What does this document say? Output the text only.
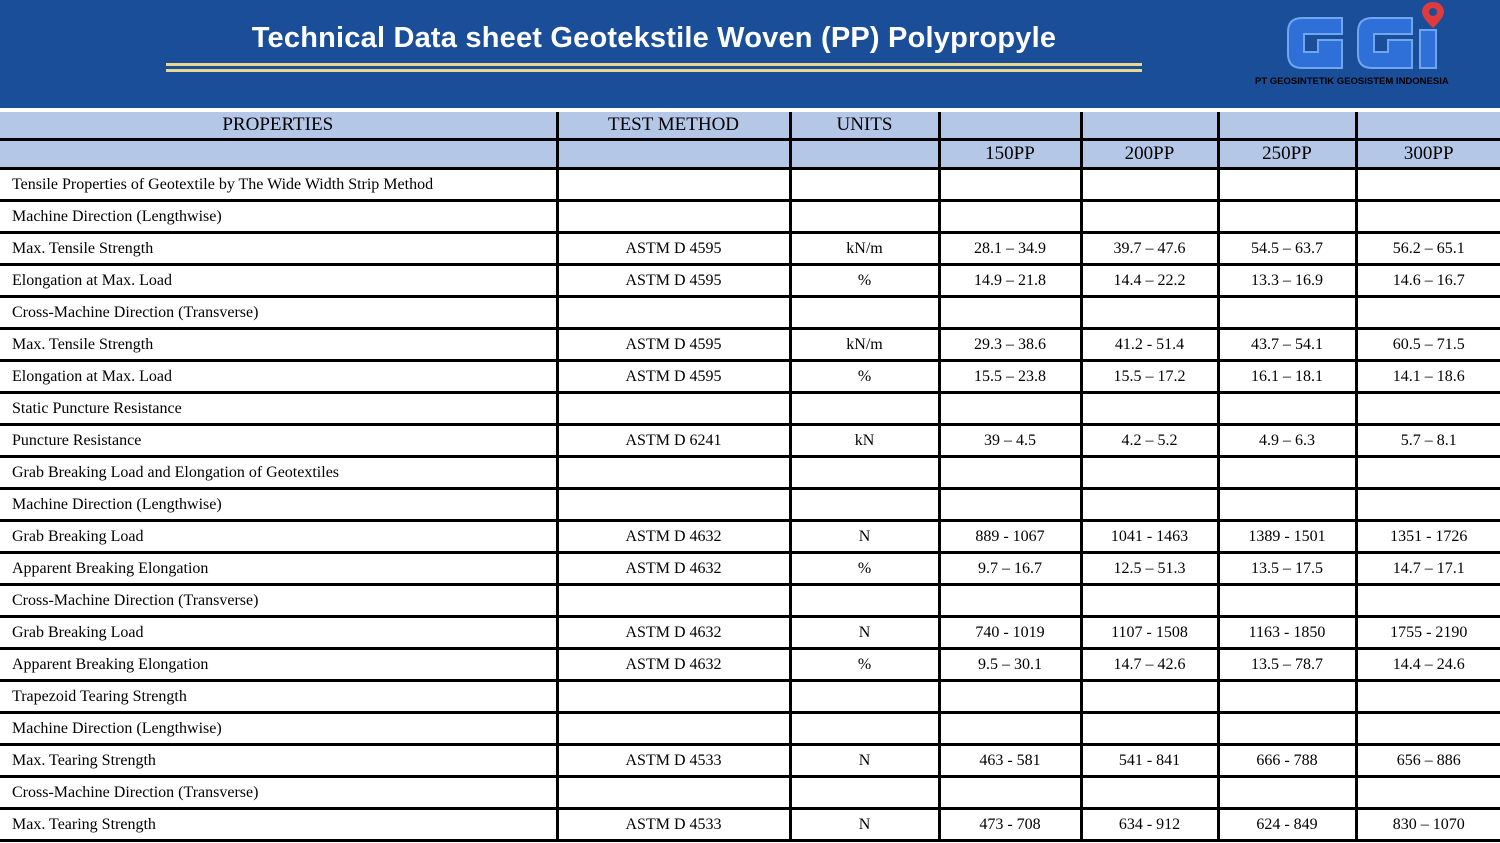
Technical Data sheet Geotekstile Woven (PP) Polypropyle
PT GEOSINTETIK GEOSISTEM INDONESIA
PROPERTIES	TEST METHOD	UNITS				
			150PP	200PP	250PP	300PP
Tensile Properties of Geotextile by The Wide Width Strip Method						
Machine Direction (Lengthwise)						
Max. Tensile Strength	ASTM D 4595	kN/m	28.1 – 34.9	39.7 – 47.6	54.5 – 63.7	56.2 – 65.1
Elongation at Max. Load	ASTM D 4595	%	14.9 – 21.8	14.4 – 22.2	13.3 – 16.9	14.6 – 16.7
Cross-Machine Direction (Transverse)						
Max. Tensile Strength	ASTM D 4595	kN/m	29.3 – 38.6	41.2 - 51.4	43.7 – 54.1	60.5 – 71.5
Elongation at Max. Load	ASTM D 4595	%	15.5 – 23.8	15.5 – 17.2	16.1 – 18.1	14.1 – 18.6
Static Puncture Resistance						
Puncture Resistance	ASTM D 6241	kN	39 – 4.5	4.2 – 5.2	4.9 – 6.3	5.7 – 8.1
Grab Breaking Load and Elongation of Geotextiles						
Machine Direction (Lengthwise)						
Grab Breaking Load	ASTM D 4632	N	889 - 1067	1041 - 1463	1389 - 1501	1351 - 1726
Apparent Breaking Elongation	ASTM D 4632	%	9.7 – 16.7	12.5 – 51.3	13.5 – 17.5	14.7 – 17.1
Cross-Machine Direction (Transverse)						
Grab Breaking Load	ASTM D 4632	N	740 - 1019	1107 - 1508	1163 - 1850	1755 - 2190
Apparent Breaking Elongation	ASTM D 4632	%	9.5 – 30.1	14.7 – 42.6	13.5 – 78.7	14.4 – 24.6
Trapezoid Tearing Strength						
Machine Direction (Lengthwise)						
Max. Tearing Strength	ASTM D 4533	N	463 - 581	541 - 841	666 - 788	656 – 886
Cross-Machine Direction (Transverse)						
Max. Tearing Strength	ASTM D 4533	N	473 - 708	634 - 912	624 - 849	830 – 1070
